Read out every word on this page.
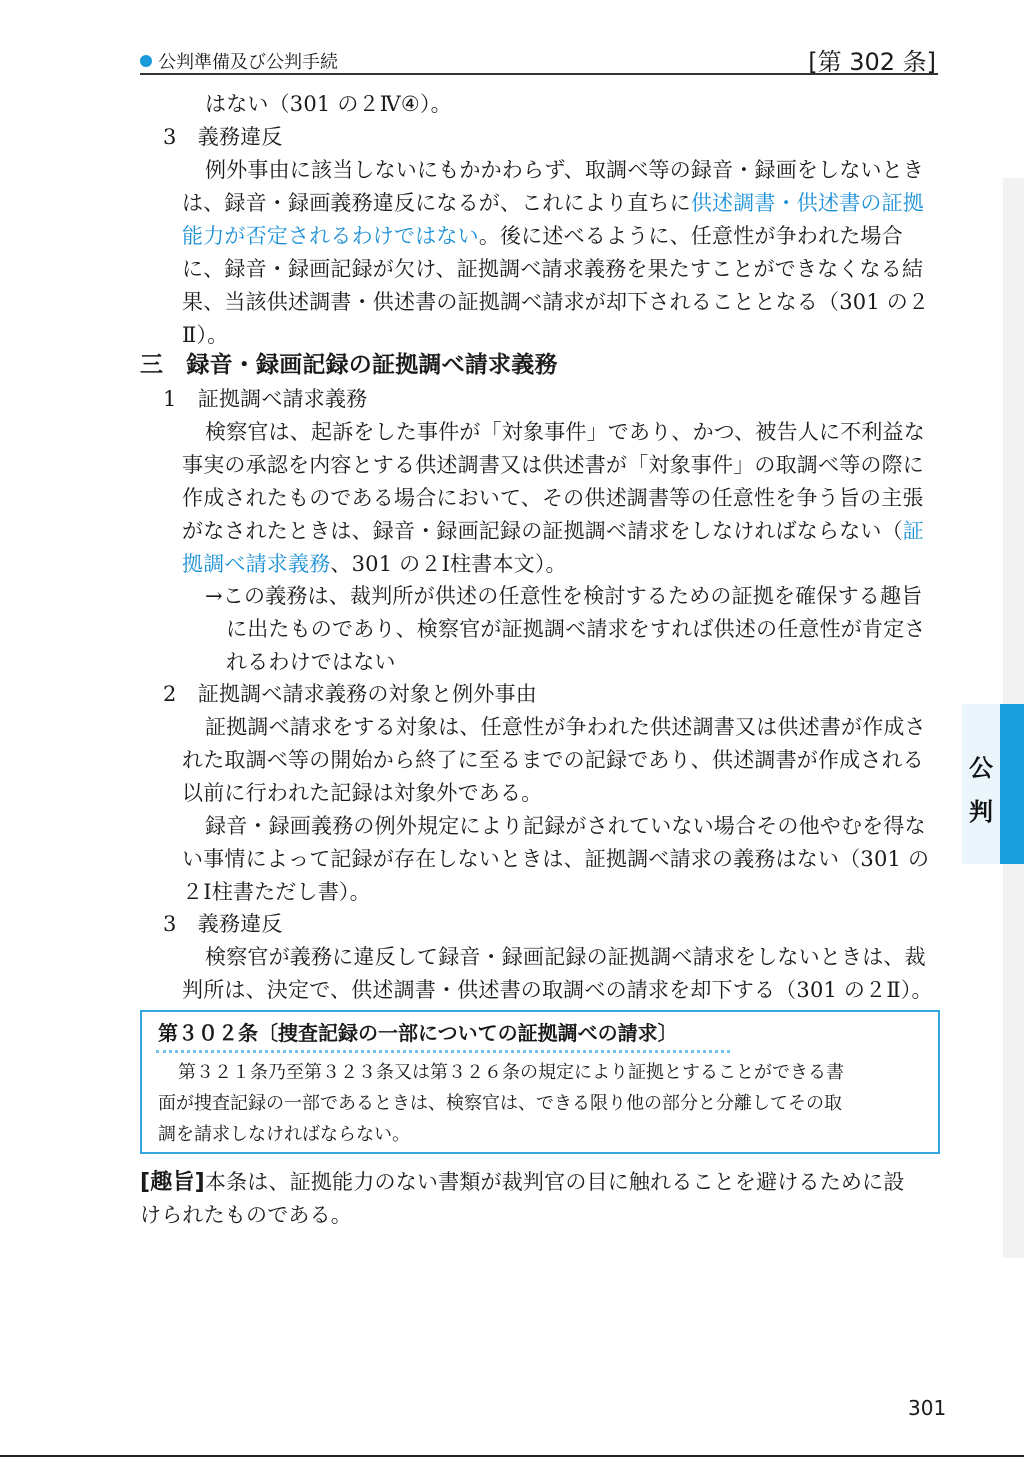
公判準備及び公判手続	[第 302 条]
公
判
はない（301 の２Ⅳ④）。
3　義務違反
例外事由に該当しないにもかかわらず、取調べ等の録音・録画をしないとき
は、録音・録画義務違反になるが、これにより直ちに供述調書・供述書の証拠
能力が否定されるわけではない。後に述べるように、任意性が争われた場合
に、録音・録画記録が欠け、証拠調べ請求義務を果たすことができなくなる結
果、当該供述調書・供述書の証拠調べ請求が却下されることとなる（301 の２
Ⅱ）。
三　録音・録画記録の証拠調べ請求義務
1　証拠調べ請求義務
検察官は、起訴をした事件が「対象事件」であり、かつ、被告人に不利益な
事実の承認を内容とする供述調書又は供述書が「対象事件」の取調べ等の際に
作成されたものである場合において、その供述調書等の任意性を争う旨の主張
がなされたときは、録音・録画記録の証拠調べ請求をしなければならない（証
拠調べ請求義務、301 の２Ⅰ柱書本文）。
→この義務は、裁判所が供述の任意性を検討するための証拠を確保する趣旨
に出たものであり、検察官が証拠調べ請求をすれば供述の任意性が肯定さ
れるわけではない
2　証拠調べ請求義務の対象と例外事由
証拠調べ請求をする対象は、任意性が争われた供述調書又は供述書が作成さ
れた取調べ等の開始から終了に至るまでの記録であり、供述調書が作成される
以前に行われた記録は対象外である。
録音・録画義務の例外規定により記録がされていない場合その他やむを得な
い事情によって記録が存在しないときは、証拠調べ請求の義務はない（301 の
２Ⅰ柱書ただし書）。
3　義務違反
検察官が義務に違反して録音・録画記録の証拠調べ請求をしないときは、裁
判所は、決定で、供述調書・供述書の取調べの請求を却下する（301 の２Ⅱ）。
第３０２条〔捜査記録の一部についての証拠調べの請求〕
第３２１条乃至第３２３条又は第３２６条の規定により証拠とすることができる書
面が捜査記録の一部であるときは、検察官は、できる限り他の部分と分離してその取
調を請求しなければならない。
[趣旨]本条は、証拠能力のない書類が裁判官の目に触れることを避けるために設
けられたものである。
301
